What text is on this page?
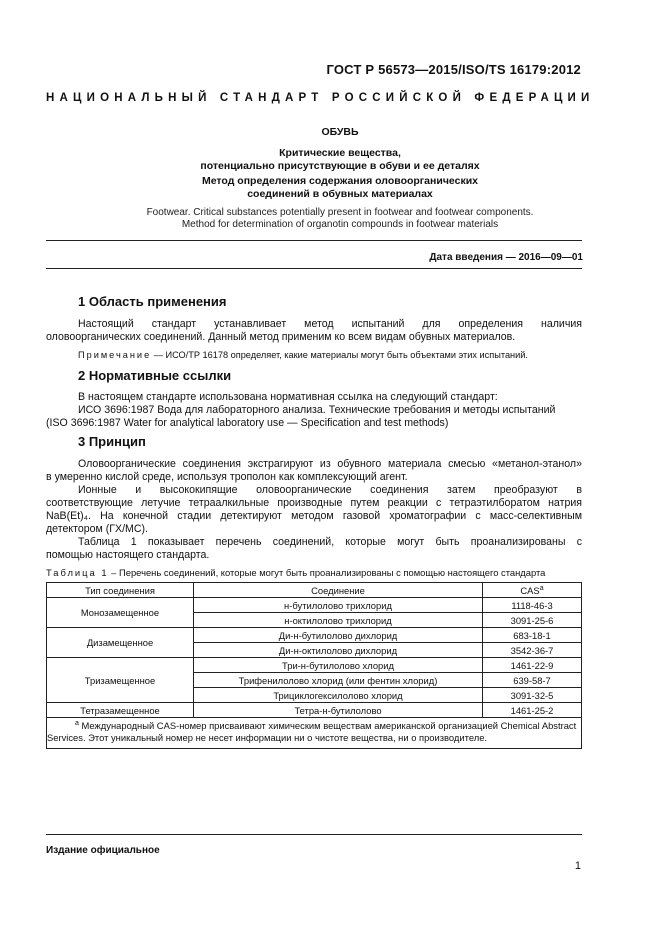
ГОСТ Р 56573—2015/ISO/TS 16179:2012
НАЦИОНАЛЬНЫЙ СТАНДАРТ РОССИЙСКОЙ ФЕДЕРАЦИИ
ОБУВЬ
Критические вещества,
потенциально присутствующие в обуви и ее деталях
Метод определения содержания оловоорганических
соединений в обувных материалах
Footwear. Critical substances potentially present in footwear and footwear components.
Method for determination of organotin compounds in footwear materials
Дата введения — 2016—09—01
1 Область применения
Настоящий стандарт устанавливает метод испытаний для определения наличия
оловоорганических соединений. Данный метод применим ко всем видам обувных материалов.
Примечание — ИСО/ТР 16178 определяет, какие материалы могут быть объектами этих испытаний.
2 Нормативные ссылки
В настоящем стандарте использована нормативная ссылка на следующий стандарт:
ИСО 3696:1987 Вода для лабораторного анализа. Технические требования и методы испытаний
(ISO 3696:1987 Water for analytical laboratory use — Specification and test methods)
3 Принцип
Оловоорганические соединения экстрагируют из обувного материала смесью «метанол-этанол»
в умеренно кислой среде, используя трополон как комплексующий агент.
Ионные и высококипящие оловоорганические соединения затем преобразуют в
соответствующие летучие тетраалкильные производные путем реакции с тетраэтилборатом натрия
NaB(Et)₄. На конечной стадии детектируют методом газовой хроматографии с масс-селективным
детектором (ГХ/МС).
Таблица 1 показывает перечень соединений, которые могут быть проанализированы с
помощью настоящего стандарта.
Таблица 1 – Перечень соединений, которые могут быть проанализированы с помощью настоящего стандарта
Тип соединения	Соединение	CAS$^a$
Монозамещенное	н-бутилолово трихлорид	1118-46-3
	н-октилолово трихлорид	3091-25-6
Дизамещенное	Ди-н-бутилолово дихлорид	683-18-1
	Ди-н-октилолово дихлорид	3542-36-7
Тризамещенное	Три-н-бутилолово хлорид	1461-22-9
	Трифенилолово хлорид (или фентин хлорид)	639-58-7
	Трициклогексилолово хлорид	3091-32-5
Тетразамещенное	Тетра-н-бутилолово	1461-25-2
$^a$ Международный CAS-номер присваивают химическим веществам американской организацией Chemical Abstract Services. Этот уникальный номер не несет информации ни о чистоте вещества, ни о производителе.		
Издание официальное
1
